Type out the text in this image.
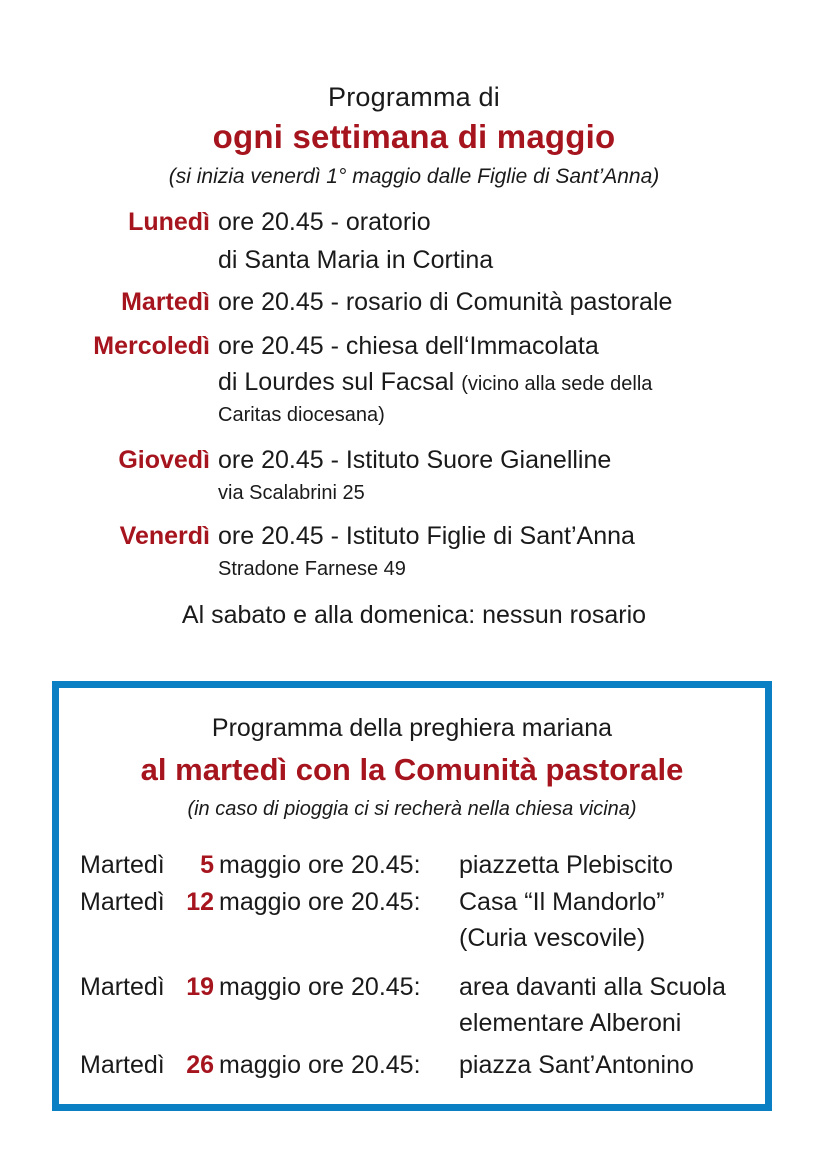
Programma di
ogni settimana di maggio
(si inizia venerdì 1° maggio dalle Figlie di Sant’Anna)
Lunedì ore 20.45 - oratorio
di Santa Maria in Cortina
Martedì ore 20.45 - rosario di Comunità pastorale
Mercoledì ore 20.45 - chiesa dell‘Immacolata
di Lourdes sul Facsal (vicino alla sede della
Caritas diocesana)
Giovedì ore 20.45 - Istituto Suore Gianelline
via Scalabrini 25
Venerdì ore 20.45 - Istituto Figlie di Sant’Anna
Stradone Farnese 49
Al sabato e alla domenica: nessun rosario
Programma della preghiera mariana
al martedì con la Comunità pastorale
(in caso di pioggia ci si recherà nella chiesa vicina)
Martedì	5 maggio ore 20.45: piazzetta Plebiscito
Martedì 12 maggio ore 20.45: Casa “Il Mandorlo”
(Curia vescovile)
Martedì 19 maggio ore 20.45: area davanti alla Scuola
elementare Alberoni
Martedì 26 maggio ore 20.45: piazza Sant’Antonino
